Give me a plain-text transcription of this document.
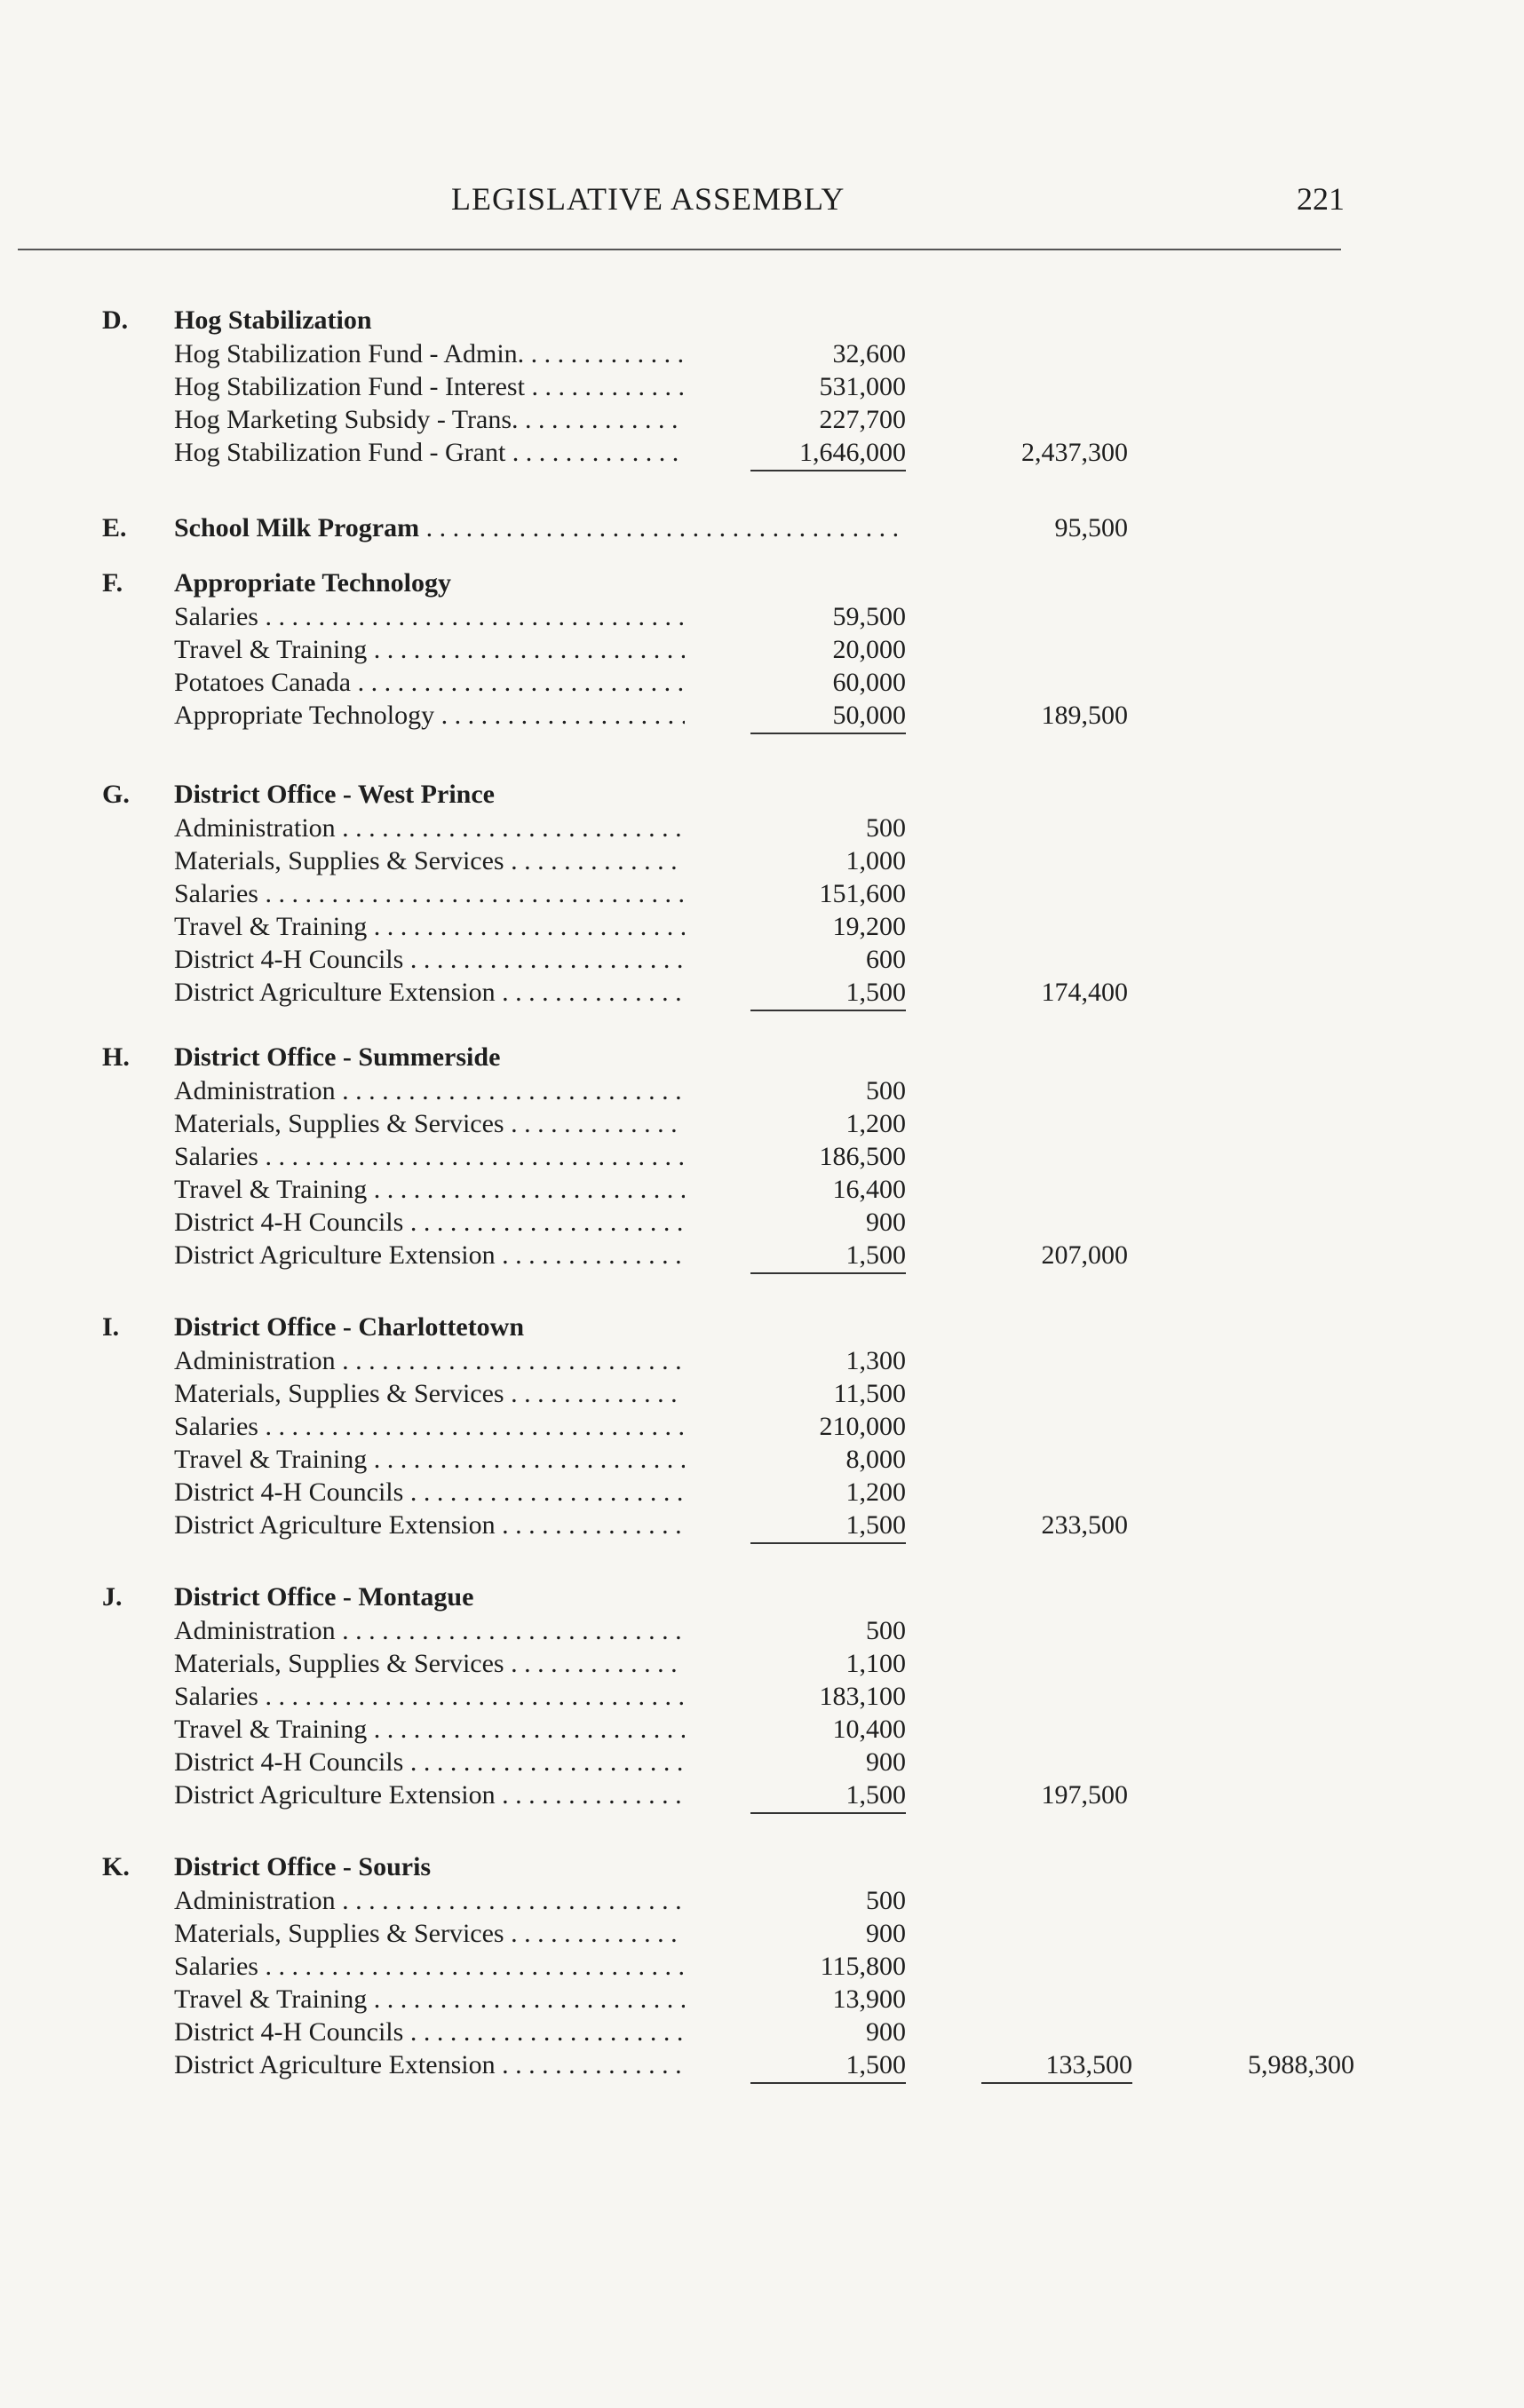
LEGISLATIVE ASSEMBLY	221
D.	Hog Stabilization
Hog Stabilization Fund - Admin. . . .	32,600
Hog Stabilization Fund - Interest . . .	531,000
Hog Marketing Subsidy - Trans. . . .	227,700
Hog Stabilization Fund - Grant . . .	1,646,000	2,437,300
E.	School Milk Program . . .	95,500
F.	Appropriate Technology
Salaries . . .	59,500
Travel & Training . . .	20,000
Potatoes Canada . . .	60,000
Appropriate Technology . . .	50,000	189,500
G.	District Office - West Prince
Administration . . .	500
Materials, Supplies & Services . . .	1,000
Salaries . . .	151,600
Travel & Training . . .	19,200
District 4-H Councils . . .	600
District Agriculture Extension . . .	1,500	174,400
H.	District Office - Summerside
Administration . . .	500
Materials, Supplies & Services . . .	1,200
Salaries . . .	186,500
Travel & Training . . .	16,400
District 4-H Councils . . .	900
District Agriculture Extension . . .	1,500	207,000
I.	District Office - Charlottetown
Administration . . .	1,300
Materials, Supplies & Services . . .	11,500
Salaries . . .	210,000
Travel & Training . . .	8,000
District 4-H Councils . . .	1,200
District Agriculture Extension . . .	1,500	233,500
J.	District Office - Montague
Administration . . .	500
Materials, Supplies & Services . . .	1,100
Salaries . . .	183,100
Travel & Training . . .	10,400
District 4-H Councils . . .	900
District Agriculture Extension . . .	1,500	197,500
K.	District Office - Souris
Administration . . .	500
Materials, Supplies & Services . . .	900
Salaries . . .	115,800
Travel & Training . . .	13,900
District 4-H Councils . . .	900
District Agriculture Extension . . .	1,500	133,500	5,988,300
